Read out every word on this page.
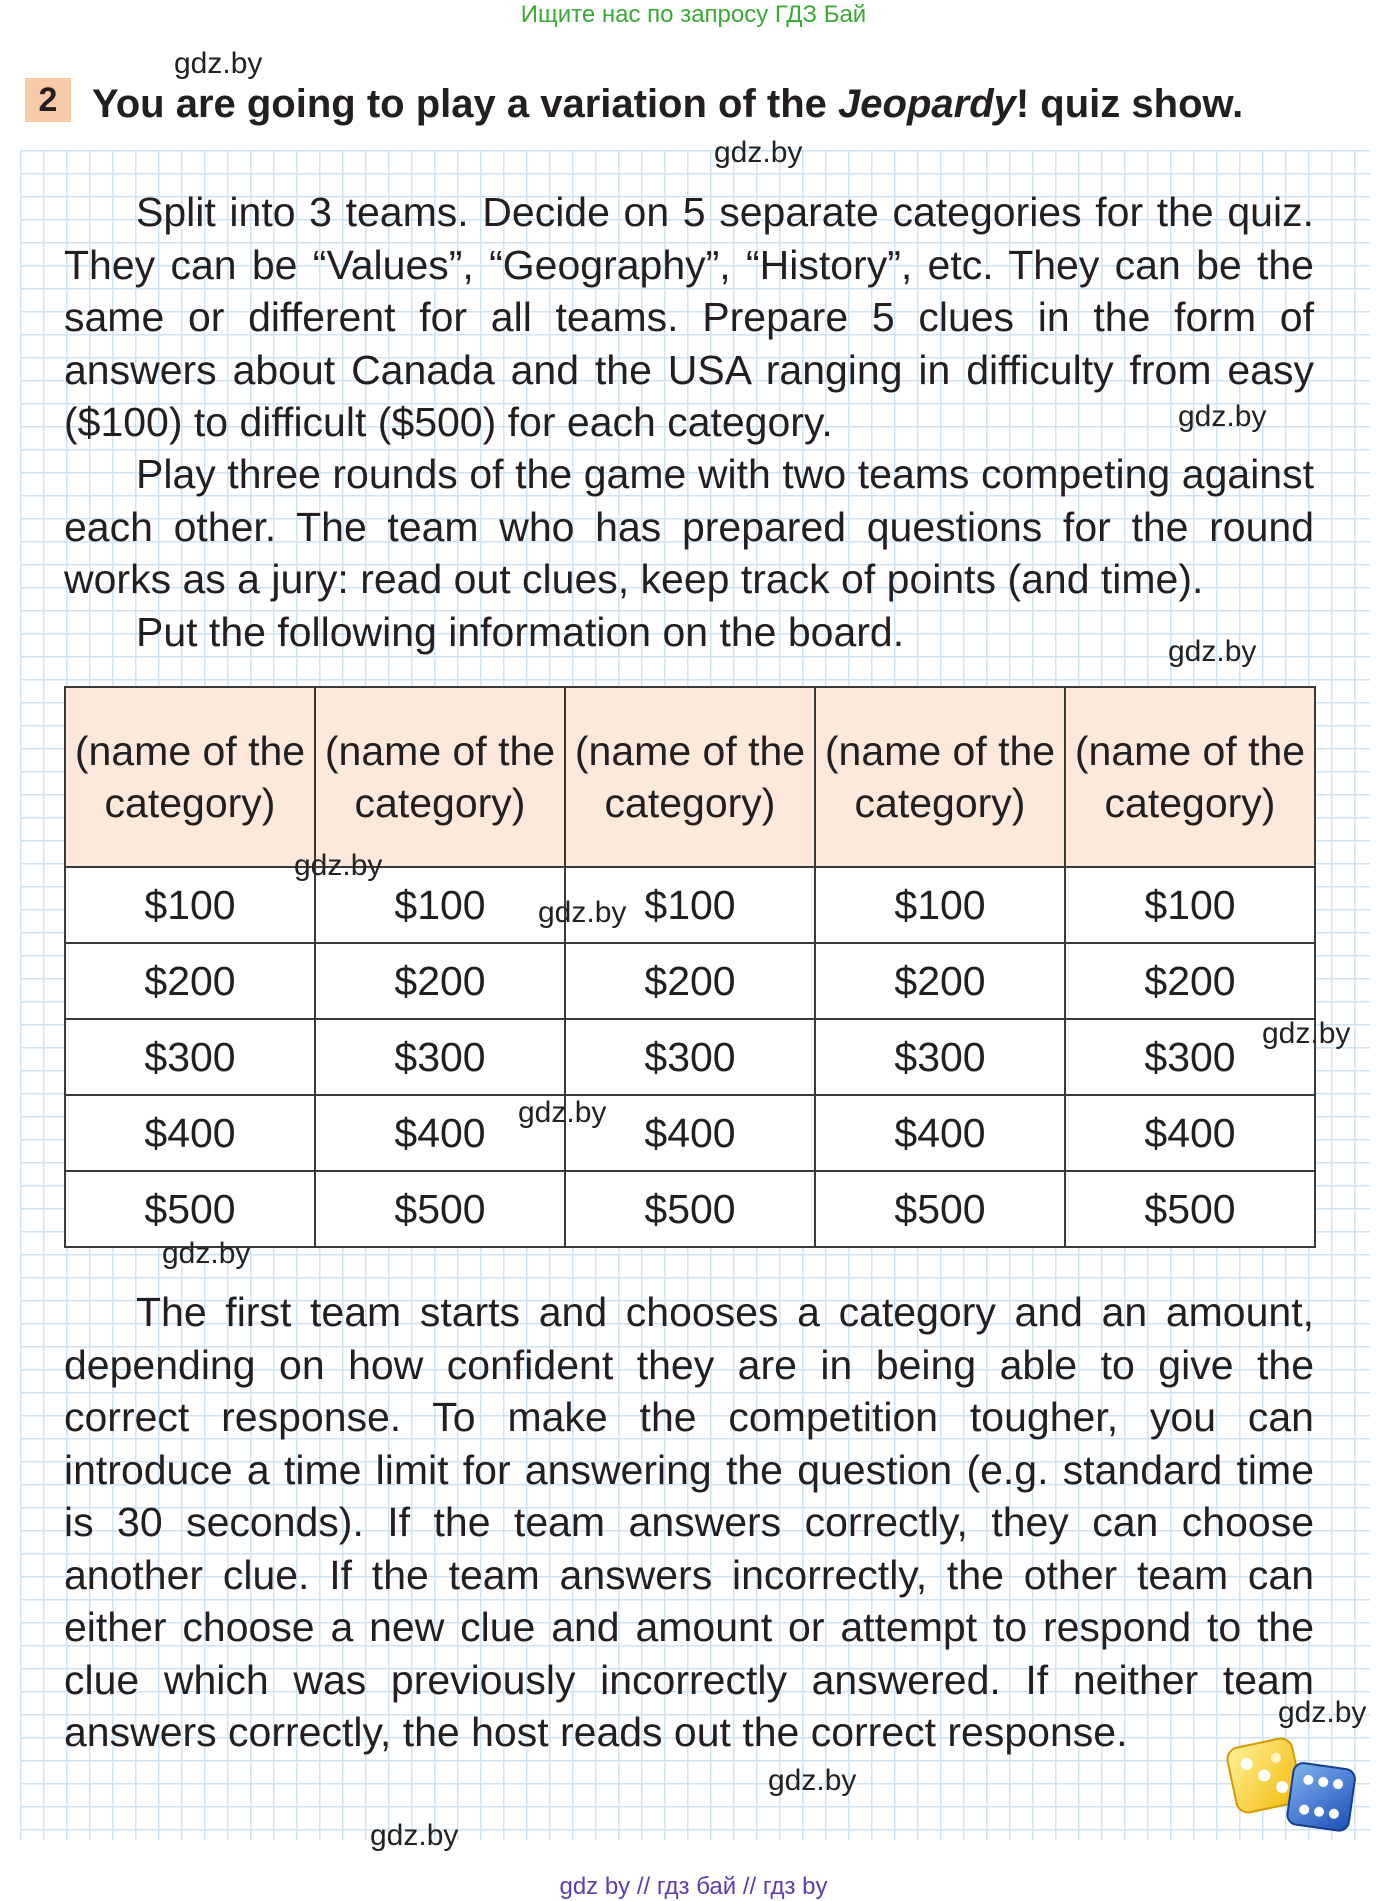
Ищите нас по запросу ГДЗ Бай
2 You are going to play a variation of the Jeopardy! quiz show.
Split into 3 teams. Decide on 5 separate categories for the quiz. They can be “Values”, “Geography”, “History”, etc. They can be the same or different for all teams. Prepare 5 clues in the form of answers about Canada and the USA ranging in difficulty from easy ($100) to difficult ($500) for each category.
Play three rounds of the game with two teams competing against each other. The team who has prepared questions for the round works as a jury: read out clues, keep track of points (and time).
Put the following information on the board.
(name of the category)	(name of the category)	(name of the category)	(name of the category)	(name of the category)
$100	$100	$100	$100	$100
$200	$200	$200	$200	$200
$300	$300	$300	$300	$300
$400	$400	$400	$400	$400
$500	$500	$500	$500	$500
The first team starts and chooses a category and an amount, depending on how confident they are in being able to give the correct response. To make the competition tougher, you can introduce a time limit for answering the question (e.g. standard time is 30 seconds). If the team answers correctly, they can choose another clue. If the team answers incorrectly, the other team can either choose a new clue and amount or attempt to respond to the clue which was previously incorrectly answered. If neither team answers correctly, the host reads out the correct response.
gdz.by
gdz.by
gdz.by
gdz.by
gdz.by
gdz.by
gdz.by
gdz.by
gdz.by
gdz.by
gdz.by
gdz.by
gdz by // гдз бай // гдз by
